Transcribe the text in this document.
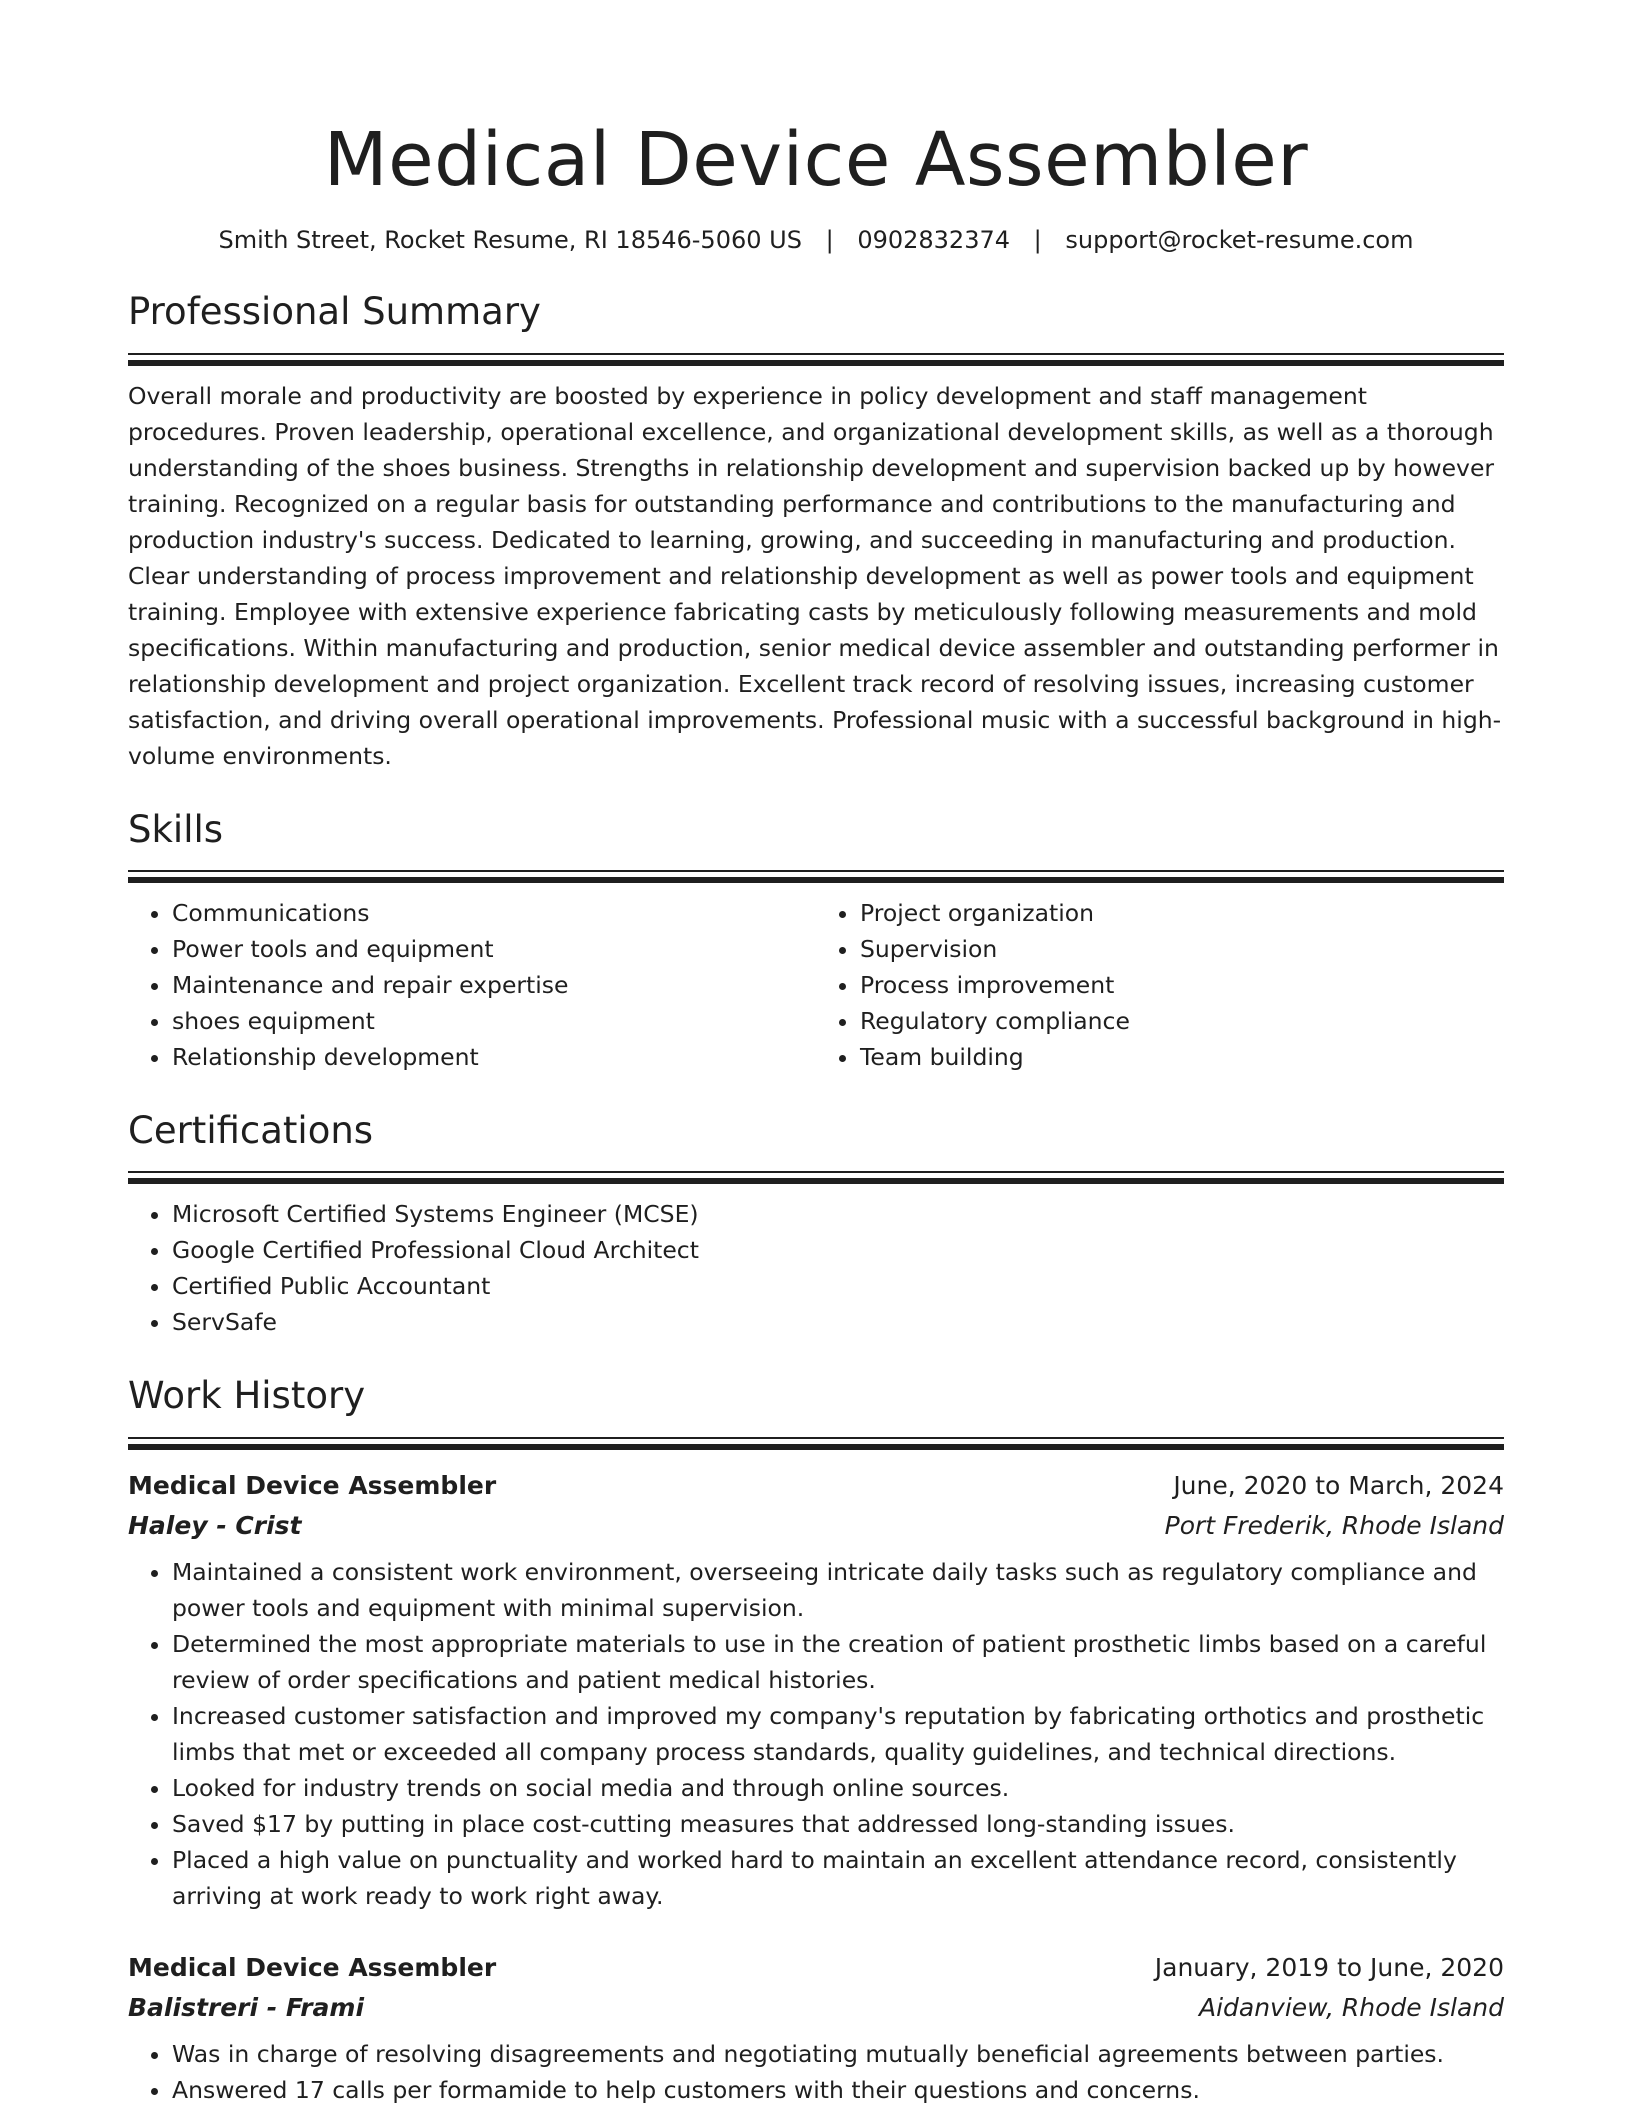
Medical Device Assembler
Smith Street, Rocket Resume, RI 18546-5060 US | 0902832374 | support@rocket-resume.com
Professional Summary

Overall morale and productivity are boosted by experience in policy development and staff management procedures. Proven leadership, operational excellence, and organizational development skills, as well as a thorough understanding of the shoes business. Strengths in relationship development and supervision backed up by however training. Recognized on a regular basis for outstanding performance and contributions to the manufacturing and production industry's success. Dedicated to learning, growing, and succeeding in manufacturing and production. Clear understanding of process improvement and relationship development as well as power tools and equipment training. Employee with extensive experience fabricating casts by meticulously following measurements and mold specifications. Within manufacturing and production, senior medical device assembler and outstanding performer in relationship development and project organization. Excellent track record of resolving issues, increasing customer satisfaction, and driving overall operational improvements. Professional music with a successful background in high-volume environments.

Skills
• Communications
• Power tools and equipment
• Maintenance and repair expertise
• shoes equipment
• Relationship development
• Project organization
• Supervision
• Process improvement
• Regulatory compliance
• Team building
Certifications
• Microsoft Certified Systems Engineer (MCSE)
• Google Certified Professional Cloud Architect
• Certified Public Accountant
• ServSafe
Work History
Medical Device Assembler	June, 2020 to March, 2024
Haley - Crist	Port Frederik, Rhode Island
• Maintained a consistent work environment, overseeing intricate daily tasks such as regulatory compliance and power tools and equipment with minimal supervision.
• Determined the most appropriate materials to use in the creation of patient prosthetic limbs based on a careful review of order specifications and patient medical histories.
• Increased customer satisfaction and improved my company's reputation by fabricating orthotics and prosthetic limbs that met or exceeded all company process standards, quality guidelines, and technical directions.
• Looked for industry trends on social media and through online sources.
• Saved $17 by putting in place cost-cutting measures that addressed long-standing issues.
• Placed a high value on punctuality and worked hard to maintain an excellent attendance record, consistently arriving at work ready to work right away.
Medical Device Assembler	January, 2019 to June, 2020
Balistreri - Frami	Aidanview, Rhode Island
• Was in charge of resolving disagreements and negotiating mutually beneficial agreements between parties.
• Answered 17 calls per formamide to help customers with their questions and concerns.
